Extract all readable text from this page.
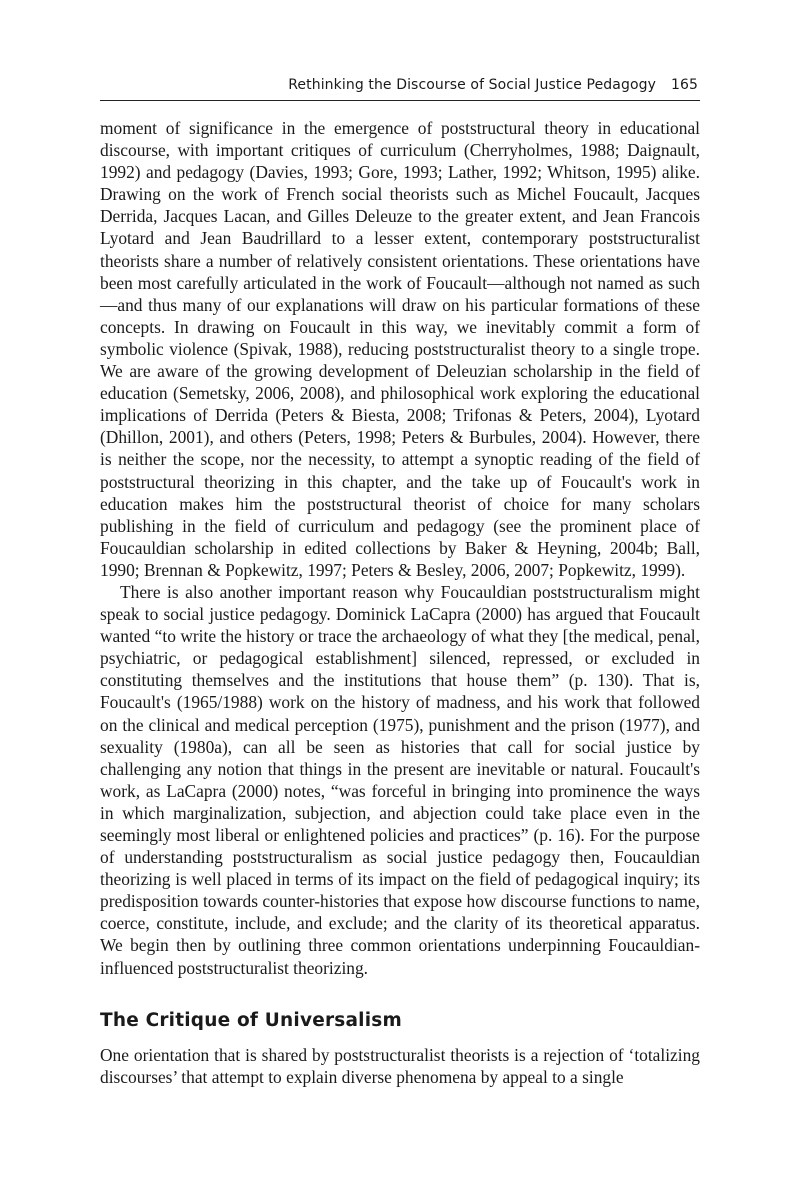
Rethinking the Discourse of Social Justice Pedagogy 165

moment of significance in the emergence of poststructural theory in educational discourse, with important critiques of curriculum (Cherryholmes, 1988; Daignault, 1992) and pedagogy (Davies, 1993; Gore, 1993; Lather, 1992; Whitson, 1995) alike. Drawing on the work of French social theorists such as Michel Foucault, Jacques Derrida, Jacques Lacan, and Gilles Deleuze to the greater extent, and Jean Francois Lyotard and Jean Baudrillard to a lesser extent, contemporary poststructuralist theorists share a number of relatively consistent orientations. These orientations have been most carefully articulated in the work of Foucault—although not named as such—and thus many of our explanations will draw on his particular formations of these concepts. In drawing on Foucault in this way, we inevitably commit a form of symbolic violence (Spivak, 1988), reducing poststructuralist theory to a single trope. We are aware of the growing development of Deleuzian scholarship in the field of education (Semetsky, 2006, 2008), and philosophical work exploring the educational implications of Derrida (Peters & Biesta, 2008; Trifonas & Peters, 2004), Lyotard (Dhillon, 2001), and others (Peters, 1998; Peters & Burbules, 2004). However, there is neither the scope, nor the necessity, to attempt a synoptic reading of the field of poststructural theorizing in this chapter, and the take up of Foucault's work in education makes him the poststructural theorist of choice for many scholars publishing in the field of curriculum and pedagogy (see the prominent place of Foucauldian scholarship in edited collections by Baker & Heyning, 2004b; Ball, 1990; Brennan & Popkewitz, 1997; Peters & Besley, 2006, 2007; Popkewitz, 1999).

There is also another important reason why Foucauldian poststructuralism might speak to social justice pedagogy. Dominick LaCapra (2000) has argued that Foucault wanted “to write the history or trace the archaeology of what they [the medical, penal, psychiatric, or pedagogical establishment] silenced, repressed, or excluded in constituting themselves and the institutions that house them” (p. 130). That is, Foucault's (1965/1988) work on the history of madness, and his work that followed on the clinical and medical perception (1975), punishment and the prison (1977), and sexuality (1980a), can all be seen as histories that call for social justice by challenging any notion that things in the present are inevitable or natural. Foucault's work, as LaCapra (2000) notes, “was forceful in bringing into prominence the ways in which marginalization, subjection, and abjection could take place even in the seemingly most liberal or enlightened policies and practices” (p. 16). For the purpose of understanding poststructuralism as social justice pedagogy then, Foucauldian theorizing is well placed in terms of its impact on the field of pedagogical inquiry; its predisposition towards counter-histories that expose how discourse functions to name, coerce, constitute, include, and exclude; and the clarity of its theoretical apparatus. We begin then by outlining three common orientations underpinning Foucauldian-influenced poststructuralist theorizing.

The Critique of Universalism

One orientation that is shared by poststructuralist theorists is a rejection of ‘totalizing discourses’ that attempt to explain diverse phenomena by appeal to a single
